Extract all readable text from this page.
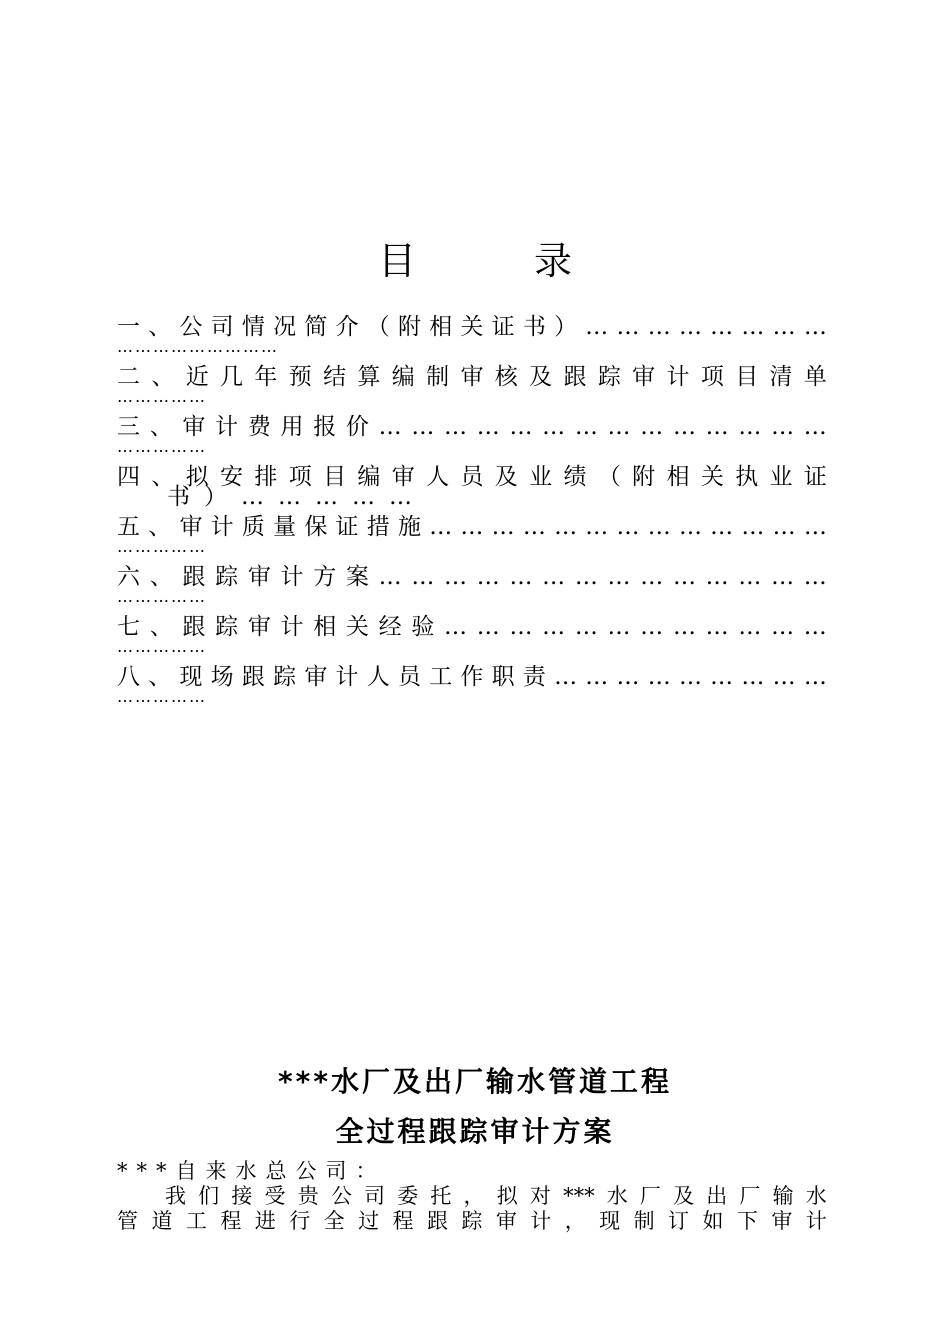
目	录
一 、 公 司 情 况 简 介 （ 附 相 关 证 书 ） … … … … … … … …
………………………
二 、 近 几 年 预 结 算 编 制 审 核 及 跟 踪 审 计 项 目 清 单
……………
三 、 审 计 费 用 报 价 … … … … … … … … … … … … … …
……………
四 、 拟 安 排 项 目 编 审 人 员 及 业 绩 （ 附 相 关 执 业 证
书）……………
五 、 审 计 质 量 保 证 措 施 … … … … … … … … … … … … …
……………
六 、 跟 踪 审 计 方 案 … … … … … … … … … … … … … …
……………
七 、 跟 踪 审 计 相 关 经 验 … … … … … … … … … … … …
……………
八 、 现 场 跟 踪 审 计 人 员 工 作 职 责 … … … … … … … … …
……………
***水厂及出厂输水管道工程
全过程跟踪审计方案
***自来水总公司：
我 们 接 受 贵 公 司 委 托 ， 拟 对 *** 水 厂 及 出 厂 输 水
管 道 工 程 进 行 全 过 程 跟 踪 审 计 ， 现 制 订 如 下 审 计
